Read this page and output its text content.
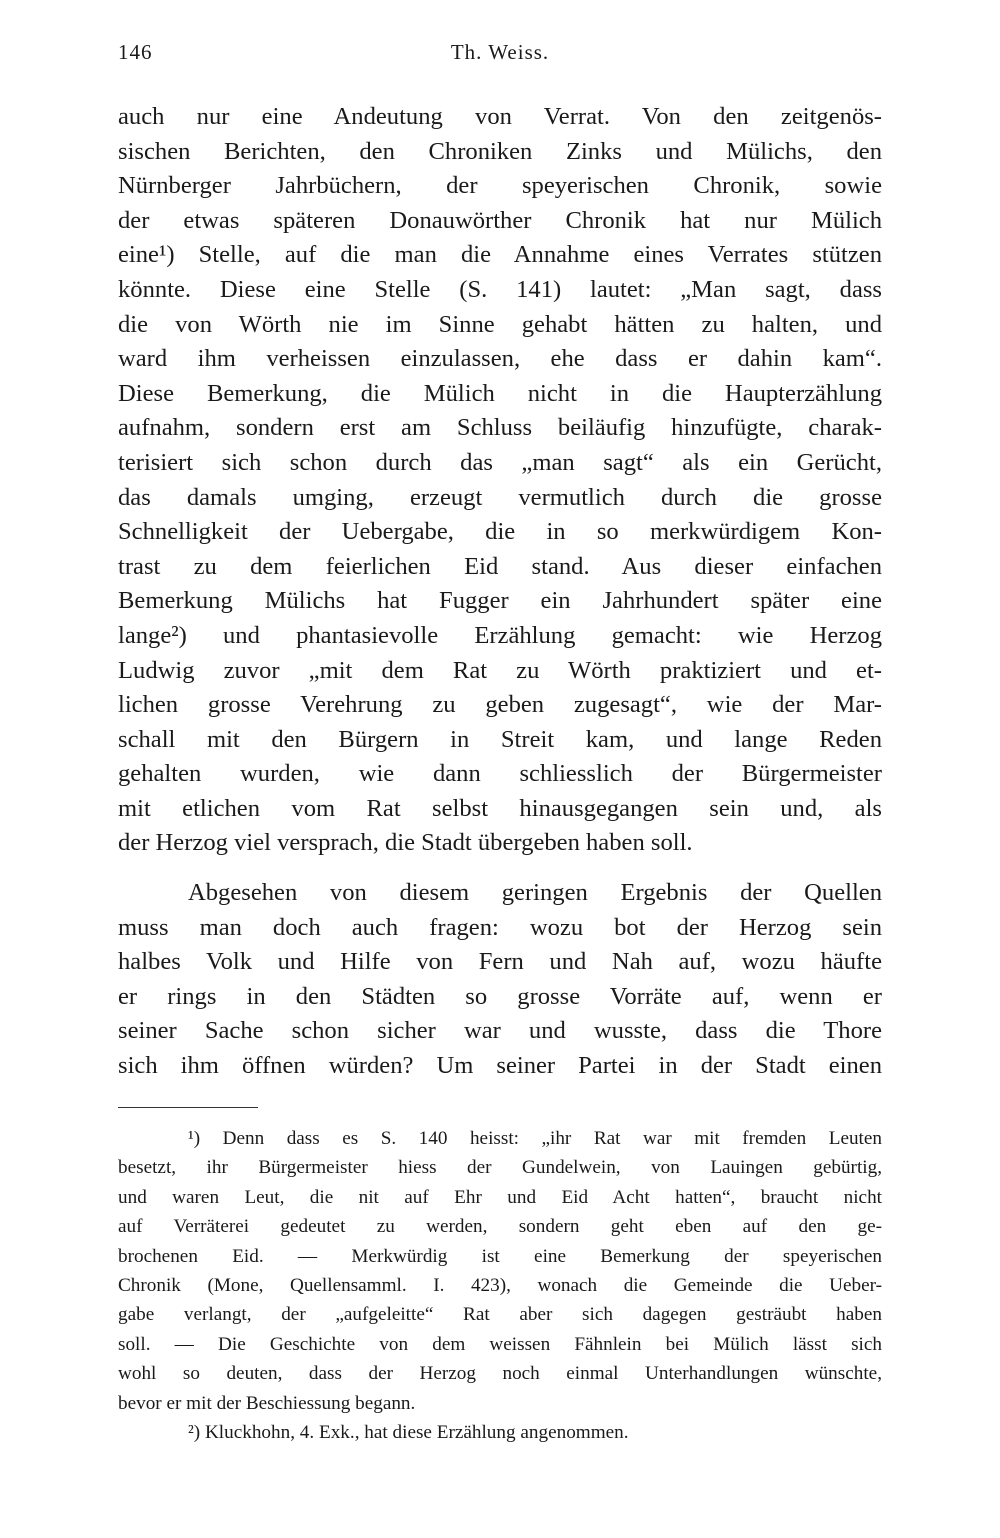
146	Th. Weiss.
auch nur eine Andeutung von Verrat. Von den zeitgenös-
sischen Berichten, den Chroniken Zinks und Mülichs, den
Nürnberger Jahrbüchern, der speyerischen Chronik, sowie
der etwas späteren Donauwörther Chronik hat nur Mülich
eine¹) Stelle, auf die man die Annahme eines Verrates stützen
könnte. Diese eine Stelle (S. 141) lautet: „Man sagt, dass
die von Wörth nie im Sinne gehabt hätten zu halten, und
ward ihm verheissen einzulassen, ehe dass er dahin kam“.
Diese Bemerkung, die Mülich nicht in die Haupterzählung
aufnahm, sondern erst am Schluss beiläufig hinzufügte, charak-
terisiert sich schon durch das „man sagt“ als ein Gerücht,
das damals umging, erzeugt vermutlich durch die grosse
Schnelligkeit der Uebergabe, die in so merkwürdigem Kon-
trast zu dem feierlichen Eid stand. Aus dieser einfachen
Bemerkung Mülichs hat Fugger ein Jahrhundert später eine
lange²) und phantasievolle Erzählung gemacht: wie Herzog
Ludwig zuvor „mit dem Rat zu Wörth praktiziert und et-
lichen grosse Verehrung zu geben zugesagt“, wie der Mar-
schall mit den Bürgern in Streit kam, und lange Reden
gehalten wurden, wie dann schliesslich der Bürgermeister
mit etlichen vom Rat selbst hinausgegangen sein und, als
der Herzog viel versprach, die Stadt übergeben haben soll.
Abgesehen von diesem geringen Ergebnis der Quellen
muss man doch auch fragen: wozu bot der Herzog sein
halbes Volk und Hilfe von Fern und Nah auf, wozu häufte
er rings in den Städten so grosse Vorräte auf, wenn er
seiner Sache schon sicher war und wusste, dass die Thore
sich ihm öffnen würden? Um seiner Partei in der Stadt einen
¹) Denn dass es S. 140 heisst: „ihr Rat war mit fremden Leuten
besetzt, ihr Bürgermeister hiess der Gundelwein, von Lauingen gebürtig,
und waren Leut, die nit auf Ehr und Eid Acht hatten“, braucht nicht
auf Verräterei gedeutet zu werden, sondern geht eben auf den ge-
brochenen Eid. — Merkwürdig ist eine Bemerkung der speyerischen
Chronik (Mone, Quellensamml. I. 423), wonach die Gemeinde die Ueber-
gabe verlangt, der „aufgeleitte“ Rat aber sich dagegen gesträubt haben
soll. — Die Geschichte von dem weissen Fähnlein bei Mülich lässt sich
wohl so deuten, dass der Herzog noch einmal Unterhandlungen wünschte,
bevor er mit der Beschiessung begann.
²) Kluckhohn, 4. Exk., hat diese Erzählung angenommen.
